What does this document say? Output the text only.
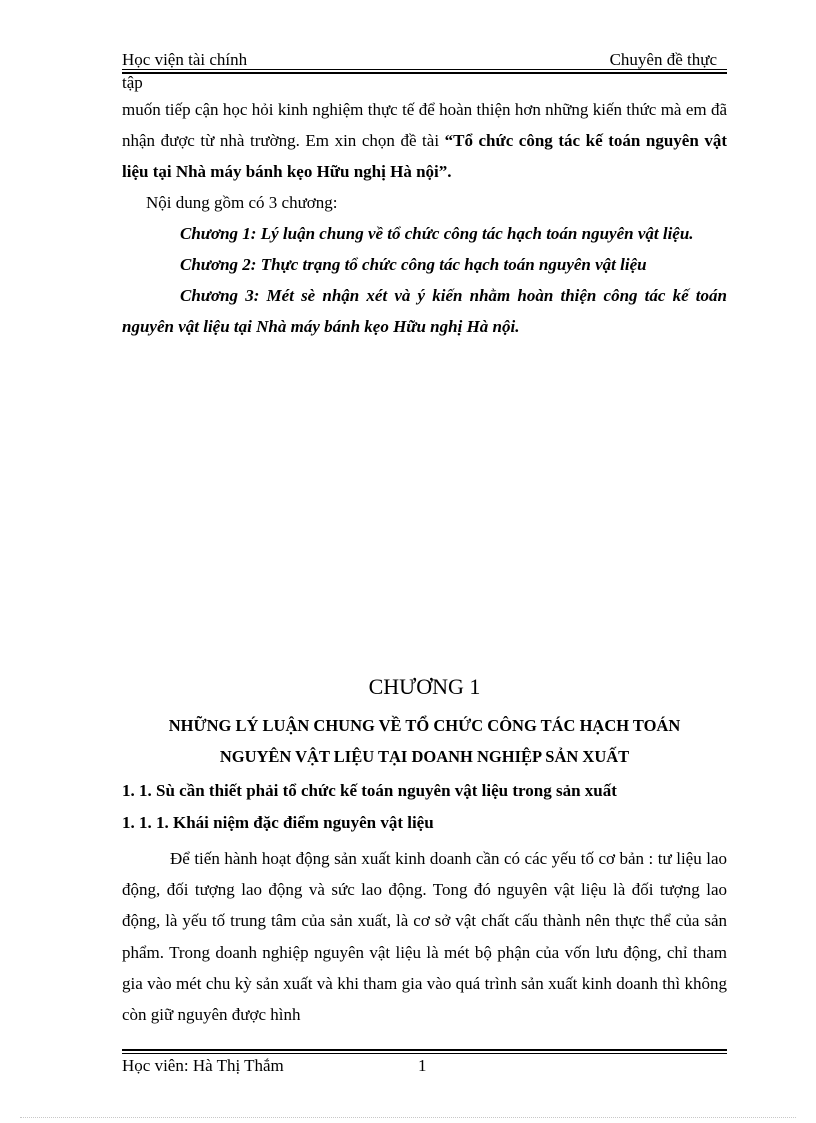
Học viện tài chính	Chuyên đề thực
tập

muốn tiếp cận học hỏi kinh nghiệm thực tế để hoàn thiện hơn những kiến thức mà em đã nhận được từ nhà trường. Em xin chọn đề tài “Tổ chức công tác kế toán nguyên vật liệu tại Nhà máy bánh kẹo Hữu nghị Hà nội”.

Nội dung gồm có 3 chương:

Chương 1: Lý luận chung về tổ chức công tác hạch toán nguyên vật liệu.

Chương 2: Thực trạng tổ chức công tác hạch toán nguyên vật liệu

Chương 3: Mét sè nhận xét và ý kiến nhằm hoàn thiện công tác kế toán nguyên vật liệu tại Nhà máy bánh kẹo Hữu nghị Hà nội.

CHƯƠNG 1
NHỮNG LÝ LUẬN CHUNG VỀ TỔ CHỨC CÔNG TÁC HẠCH TOÁN
NGUYÊN VẬT LIỆU TẠI DOANH NGHIỆP SẢN XUẤT
1. 1. Sù cần thiết phải tổ chức kế toán nguyên vật liệu trong sản xuất
1. 1. 1. Khái niệm đặc điểm nguyên vật liệu

Để tiến hành hoạt động sản xuất kinh doanh cần có các yếu tố cơ bản : tư liệu lao động, đối tượng lao động và sức lao động. Tong đó nguyên vật liệu là đối tượng lao động, là yếu tố trung tâm của sản xuất, là cơ sở vật chất cấu thành nên thực thể của sản phẩm. Trong doanh nghiệp nguyên vật liệu là mét bộ phận của vốn lưu động, chỉ tham gia vào mét chu kỳ sản xuất và khi tham gia vào quá trình sản xuất kinh doanh thì không còn giữ nguyên được hình

Học viên: Hà Thị Thắm	1
